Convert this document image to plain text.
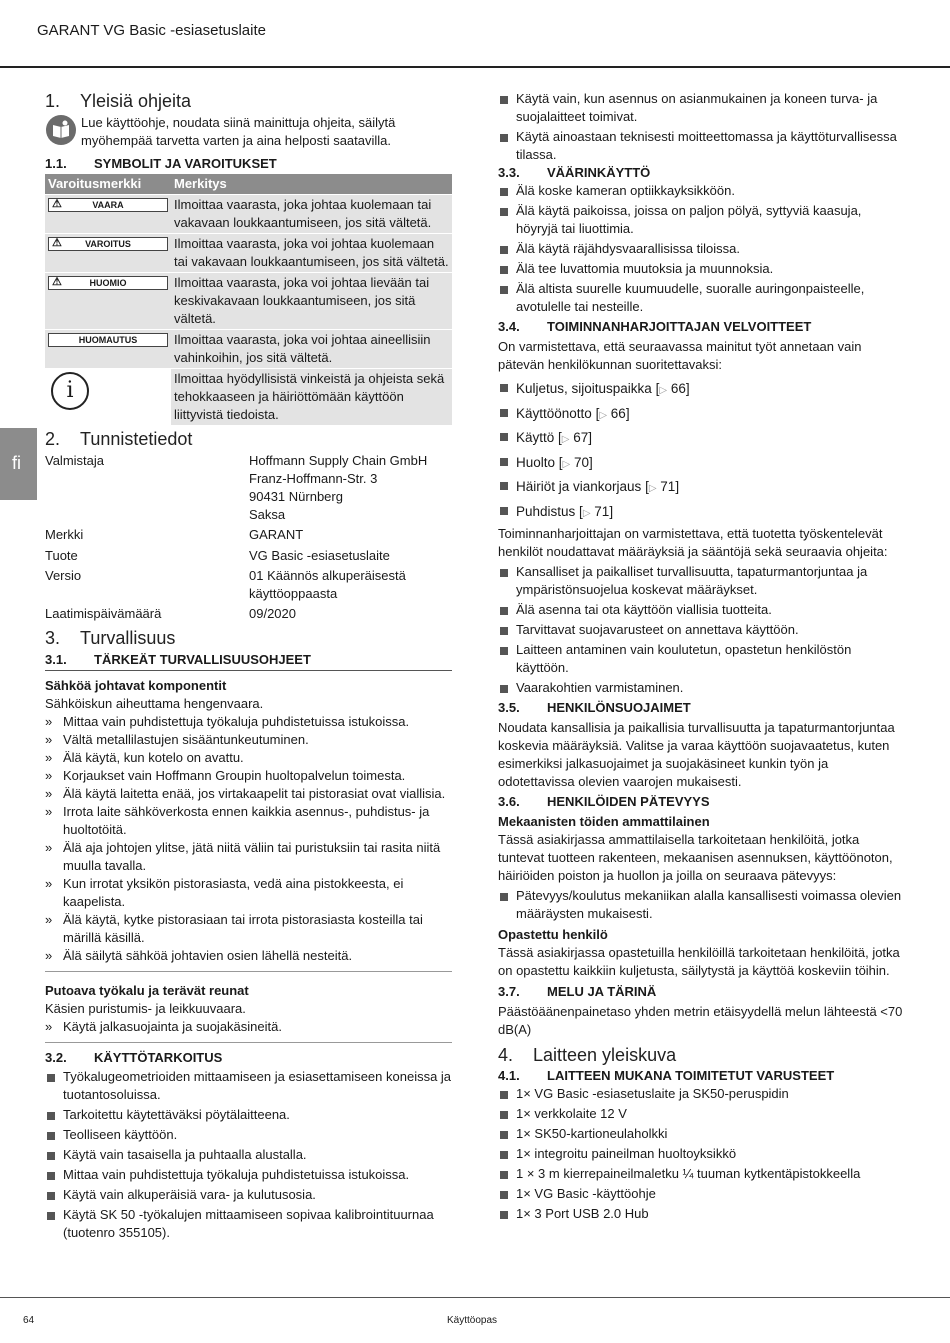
GARANT VG Basic -esiasetuslaite
fi
1. Yleisiä ohjeita

Lue käyttöohje, noudata siinä mainittuja ohjeita, säilytä myöhempää tarvetta varten ja aina helposti saatavilla.

1.1. SYMBOLIT JA VAROITUKSET
Varoitusmerkki	Merkitys

⚠ VAARA	Ilmoittaa vaarasta, joka johtaa kuolemaan tai vakavaan loukkaantumiseen, jos sitä vältetä.

⚠ VAROITUS	Ilmoittaa vaarasta, joka voi johtaa kuolemaan tai vakavaan loukkaantumiseen, jos sitä vältetä.

⚠ HUOMIO	Ilmoittaa vaarasta, joka voi johtaa lievään tai keskivakavaan loukkaantumiseen, jos sitä vältetä.

HUOMAUTUS	Ilmoittaa vaarasta, joka voi johtaa aineellisiin vahinkoihin, jos sitä vältetä.

i	Ilmoittaa hyödyllisistä vinkeistä ja ohjeista sekä tehokkaaseen ja häiriöttömään käyttöön liittyvistä tiedoista.
2. Tunnistetiedot
Valmistaja	Hoffmann Supply Chain GmbH
Franz-Hoffmann-Str. 3
90431 Nürnberg
Saksa
Merkki	GARANT
Tuote	VG Basic -esiasetuslaite
Versio	01 Käännös alkuperäisestä
käyttöoppaasta
Laatimispäivämäärä	09/2020
3. Turvallisuus
3.1. TÄRKEÄT TURVALLISUUSOHJEET
Sähköä johtavat komponentit

Sähköiskun aiheuttama hengenvaara.

» Mittaa vain puhdistettuja työkaluja puhdistetuissa istukoissa.
» Vältä metallilastujen sisääntunkeutuminen.
» Älä käytä, kun kotelo on avattu.
» Korjaukset vain Hoffmann Groupin huoltopalvelun toimesta.
» Älä käytä laitetta enää, jos virtakaapelit tai pistorasiat ovat viallisia.
» Irrota laite sähköverkosta ennen kaikkia asennus-, puhdistus- ja huoltotöitä.
» Älä aja johtojen ylitse, jätä niitä väliin tai puristuksiin tai rasita niitä muulla tavalla.
» Kun irrotat yksikön pistorasiasta, vedä aina pistokkeesta, ei kaapelista.
» Älä käytä, kytke pistorasiaan tai irrota pistorasiasta kosteilla tai märillä käsillä.
» Älä säilytä sähköä johtavien osien lähellä nesteitä.
Putoava työkalu ja terävät reunat

Käsien puristumis- ja leikkuuvaara.

» Käytä jalkasuojainta ja suojakäsineitä.
3.2. KÄYTTÖTARKOITUS
Työkalugeometrioiden mittaamiseen ja esiasettamiseen koneissa ja tuotantosoluissa.
Tarkoitettu käytettäväksi pöytälaitteena.
Teolliseen käyttöön.
Käytä vain tasaisella ja puhtaalla alustalla.
Mittaa vain puhdistettuja työkaluja puhdistetuissa istukoissa.
Käytä vain alkuperäisiä vara- ja kulutusosia.
Käytä SK 50 -työkalujen mittaamiseen sopivaa kalibrointituurnaa (tuotenro 355105).
Käytä vain, kun asennus on asianmukainen ja koneen turva- ja suojalaitteet toimivat.
Käytä ainoastaan teknisesti moitteettomassa ja käyttöturvallisessa tilassa.
3.3. VÄÄRINKÄYTTÖ
Älä koske kameran optiikkayksikköön.
Älä käytä paikoissa, joissa on paljon pölyä, syttyviä kaasuja, höyryjä tai liuottimia.
Älä käytä räjähdysvaarallisissa tiloissa.
Älä tee luvattomia muutoksia ja muunnoksia.
Älä altista suurelle kuumuudelle, suoralle auringonpaisteelle, avotulelle tai nesteille.
3.4. TOIMINNANHARJOITTAJAN VELVOITTEET

On varmistettava, että seuraavassa mainitut työt annetaan vain pätevän henkilökunnan suoritettavaksi:

Kuljetus, sijoituspaikka [▷ 66]
Käyttöönotto [▷ 66]
Käyttö [▷ 67]
Huolto [▷ 70]
Häiriöt ja viankorjaus [▷ 71]
Puhdistus [▷ 71]

Toiminnanharjoittajan on varmistettava, että tuotetta työskentelevät henkilöt noudattavat määräyksiä ja sääntöjä sekä seuraavia ohjeita:

Kansalliset ja paikalliset turvallisuutta, tapaturmantorjuntaa ja ympäristönsuojelua koskevat määräykset.
Älä asenna tai ota käyttöön viallisia tuotteita.
Tarvittavat suojavarusteet on annettava käyttöön.
Laitteen antaminen vain koulutetun, opastetun henkilöstön käyttöön.
Vaarakohtien varmistaminen.
3.5. HENKILÖNSUOJAIMET

Noudata kansallisia ja paikallisia turvallisuutta ja tapaturmantorjuntaa koskevia määräyksiä. Valitse ja varaa käyttöön suojavaatetus, kuten esimerkiksi jalkasuojaimet ja suojakäsineet kunkin työn ja odotettavissa olevien vaarojen mukaisesti.

3.6. HENKILÖIDEN PÄTEVYYS
Mekaanisten töiden ammattilainen

Tässä asiakirjassa ammattilaisella tarkoitetaan henkilöitä, jotka tuntevat tuotteen rakenteen, mekaanisen asennuksen, käyttöönoton, häiriöiden poiston ja huollon ja joilla on seuraava pätevyys:

Pätevyys/koulutus mekaniikan alalla kansallisesti voimassa olevien määräysten mukaisesti.
Opastettu henkilö

Tässä asiakirjassa opastetuilla henkilöillä tarkoitetaan henkilöitä, jotka on opastettu kaikkiin kuljetusta, säilytystä ja käyttöä koskeviin töihin.

3.7. MELU JA TÄRINÄ

Päästöäänenpainetaso yhden metrin etäisyydellä melun lähteestä <70 dB(A)

4. Laitteen yleiskuva
4.1. LAITTEEN MUKANA TOIMITETUT VARUSTEET
1× VG Basic -esiasetuslaite ja SK50-peruspidin
1× verkkolaite 12 V
1× SK50-kartioneulaholkki
1× integroitu paineilman huoltoyksikkö
1 × 3 m kierrepaineilmaletku ¼ tuuman kytkentäpistokkeella
1× VG Basic -käyttöohje
1× 3 Port USB 2.0 Hub
64	Käyttöopas
